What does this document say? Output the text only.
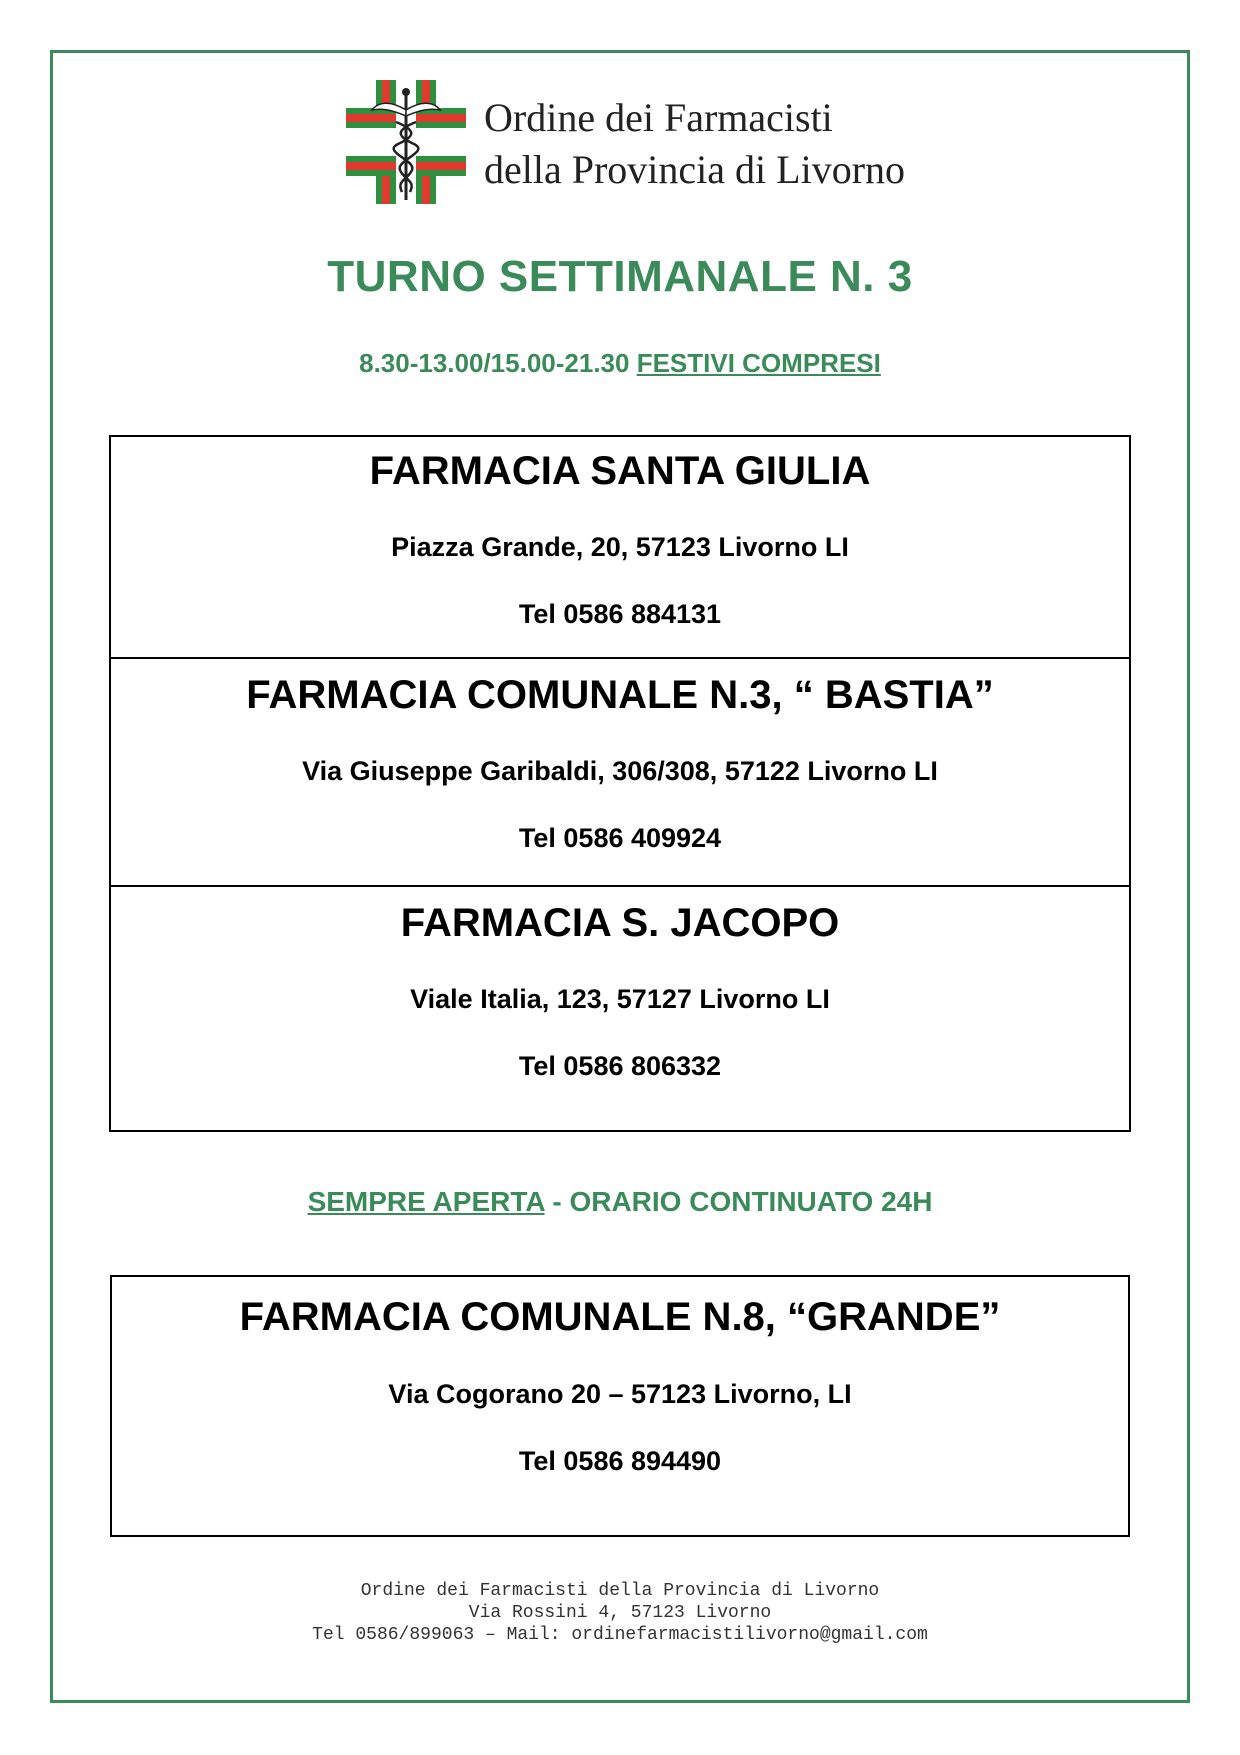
Ordine dei Farmacisti
della Provincia di Livorno
TURNO SETTIMANALE N. 3
8.30-13.00/15.00-21.30 FESTIVI COMPRESI
FARMACIA SANTA GIULIA
Piazza Grande, 20, 57123 Livorno LI
Tel 0586 884131
FARMACIA COMUNALE N.3, “ BASTIA”
Via Giuseppe Garibaldi, 306/308, 57122 Livorno LI
Tel 0586 409924
FARMACIA S. JACOPO
Viale Italia, 123, 57127 Livorno LI
Tel 0586 806332
SEMPRE APERTA - ORARIO CONTINUATO 24H
FARMACIA COMUNALE N.8, “GRANDE”
Via Cogorano 20 – 57123 Livorno, LI
Tel 0586 894490
Ordine dei Farmacisti della Provincia di Livorno
Via Rossini 4, 57123 Livorno
Tel 0586/899063 – Mail: ordinefarmacistilivorno@gmail.com
